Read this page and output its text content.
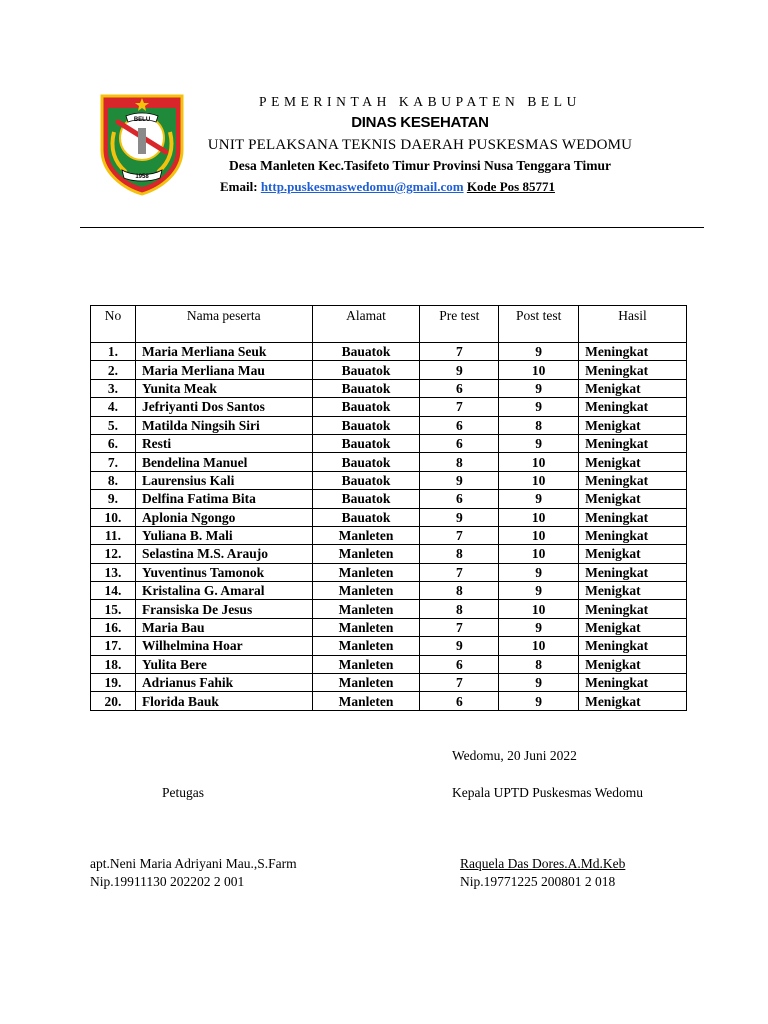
BELU
1958
PEMERINTAH KABUPATEN BELU
DINAS KESEHATAN
UNIT PELAKSANA TEKNIS DAERAH PUSKESMAS WEDOMU
Desa Manleten Kec.Tasifeto Timur Provinsi Nusa Tenggara Timur
Email: http.puskesmaswedomu@gmail.com Kode Pos 85771
No	Nama peserta	Alamat	Pre test	Post test	Hasil
1.	Maria Merliana Seuk	Bauatok	7	9	Meningkat
2.	Maria Merliana Mau	Bauatok	9	10	Meningkat
3.	Yunita Meak	Bauatok	6	9	Menigkat
4.	Jefriyanti Dos Santos	Bauatok	7	9	Meningkat
5.	Matilda Ningsih Siri	Bauatok	6	8	Menigkat
6.	Resti	Bauatok	6	9	Meningkat
7.	Bendelina Manuel	Bauatok	8	10	Menigkat
8.	Laurensius Kali	Bauatok	9	10	Meningkat
9.	Delfina Fatima Bita	Bauatok	6	9	Menigkat
10.	Aplonia Ngongo	Bauatok	9	10	Meningkat
11.	Yuliana B. Mali	Manleten	7	10	Meningkat
12.	Selastina M.S. Araujo	Manleten	8	10	Menigkat
13.	Yuventinus Tamonok	Manleten	7	9	Meningkat
14.	Kristalina G. Amaral	Manleten	8	9	Menigkat
15.	Fransiska De Jesus	Manleten	8	10	Meningkat
16.	Maria Bau	Manleten	7	9	Menigkat
17.	Wilhelmina Hoar	Manleten	9	10	Meningkat
18.	Yulita Bere	Manleten	6	8	Menigkat
19.	Adrianus Fahik	Manleten	7	9	Meningkat
20.	Florida Bauk	Manleten	6	9	Menigkat
Wedomu, 20 Juni 2022
Petugas	Kepala UPTD Puskesmas Wedomu
apt.Neni Maria Adriyani Mau.,S.Farm
Nip.19911130 202202 2 001
Raquela Das Dores.A.Md.Keb
Nip.19771225 200801 2 018
